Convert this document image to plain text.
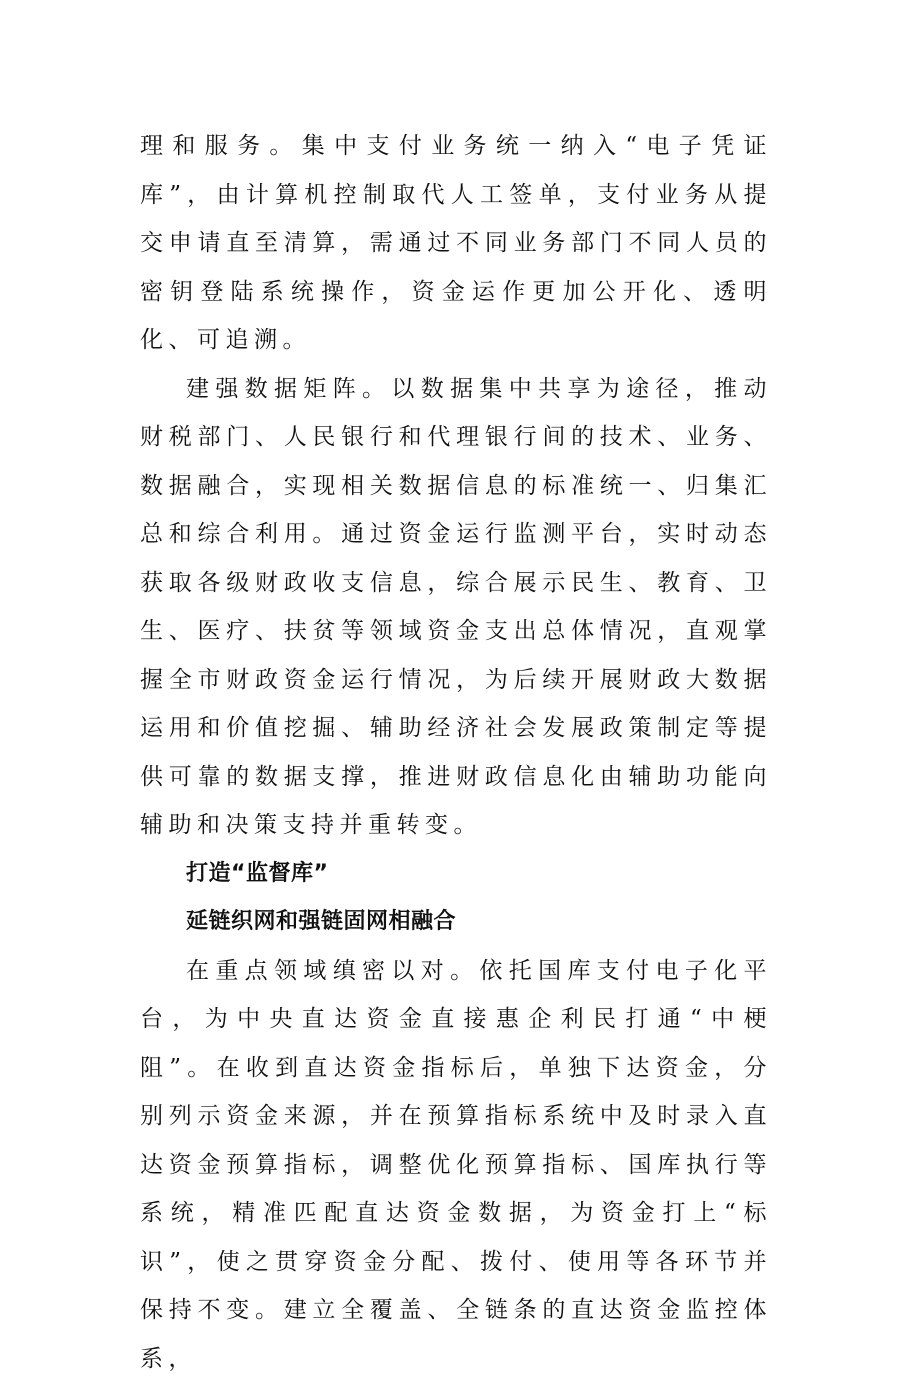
理和服务。集中支付业务统一纳入“电子凭证库”，由计算机控制取代人工签单，支付业务从提交申请直至清算，需通过不同业务部门不同人员的密钥登陆系统操作，资金运作更加公开化、透明化、可追溯。

建强数据矩阵。以数据集中共享为途径，推动财税部门、人民银行和代理银行间的技术、业务、数据融合，实现相关数据信息的标准统一、归集汇总和综合利用。通过资金运行监测平台，实时动态获取各级财政收支信息，综合展示民生、教育、卫生、医疗、扶贫等领域资金支出总体情况，直观掌握全市财政资金运行情况，为后续开展财政大数据运用和价值挖掘、辅助经济社会发展政策制定等提供可靠的数据支撑，推进财政信息化由辅助功能向辅助和决策支持并重转变。

打造“监督库”
延链织网和强链固网相融合

在重点领域缜密以对。依托国库支付电子化平台，为中央直达资金直接惠企利民打通“中梗阻”。在收到直达资金指标后，单独下达资金，分别列示资金来源，并在预算指标系统中及时录入直达资金预算指标，调整优化预算指标、国库执行等系统，精准匹配直达资金数据，为资金打上“标识”，使之贯穿资金分配、拨付、使用等各环节并保持不变。建立全覆盖、全链条的直达资金监控体系，
